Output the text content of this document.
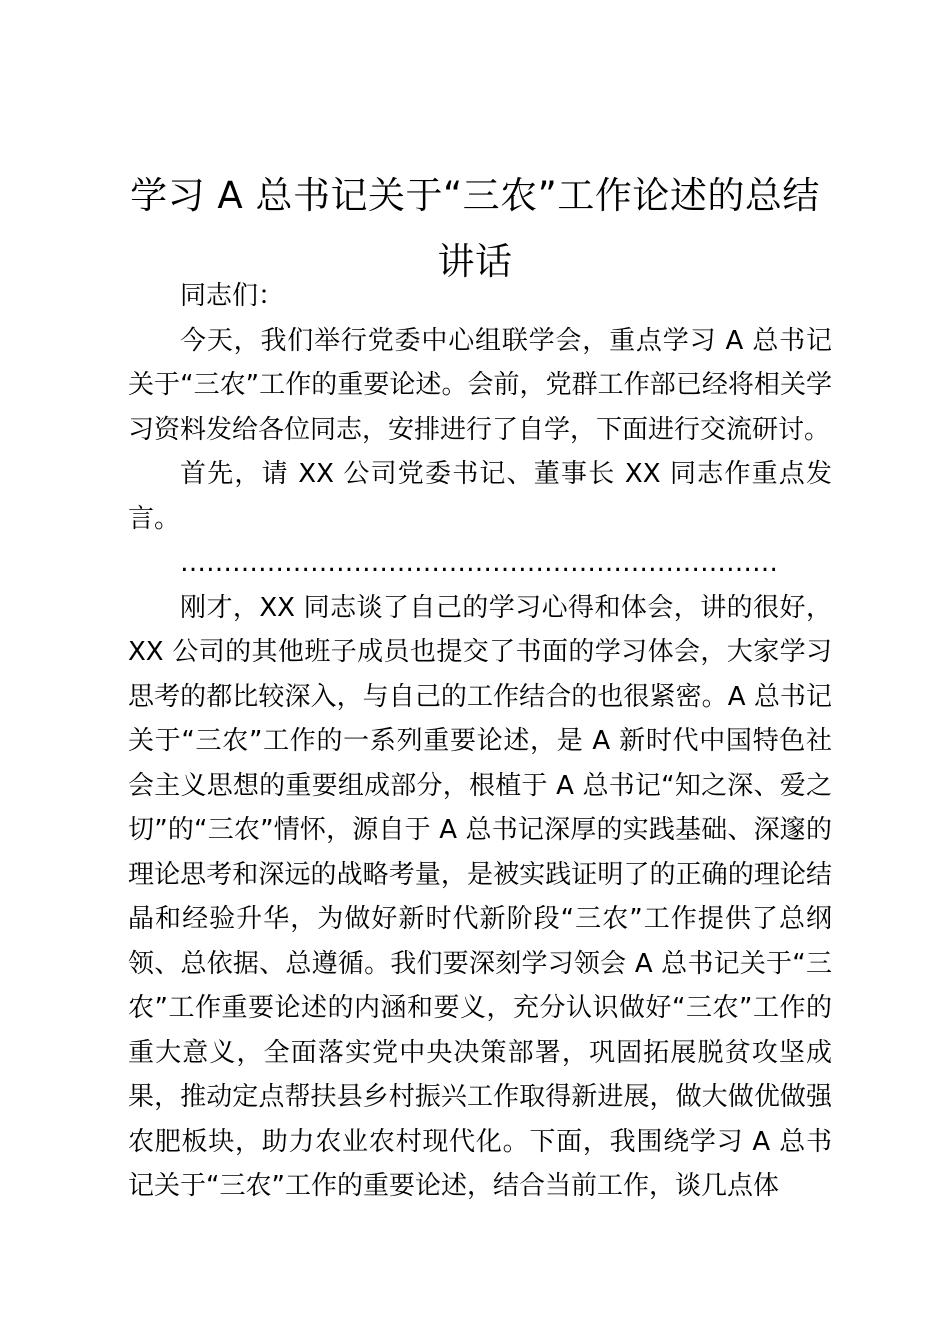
学习 A 总书记关于“三农”工作论述的总结
讲话

同志们：

今天，我们举行党委中心组联学会，重点学习 A 总书记关于“三农”工作的重要论述。会前，党群工作部已经将相关学习资料发给各位同志，安排进行了自学，下面进行交流研讨。

首先，请 XX 公司党委书记、董事长 XX 同志作重点发言。

……………………………………………………………

刚才，XX 同志谈了自己的学习心得和体会，讲的很好，XX 公司的其他班子成员也提交了书面的学习体会，大家学习思考的都比较深入，与自己的工作结合的也很紧密。A 总书记关于“三农”工作的一系列重要论述，是 A 新时代中国特色社会主义思想的重要组成部分，根植于 A 总书记“知之深、爱之切”的“三农”情怀，源自于 A 总书记深厚的实践基础、深邃的理论思考和深远的战略考量，是被实践证明了的正确的理论结晶和经验升华，为做好新时代新阶段“三农”工作提供了总纲领、总依据、总遵循。我们要深刻学习领会 A 总书记关于“三农”工作重要论述的内涵和要义，充分认识做好“三农”工作的重大意义，全面落实党中央决策部署，巩固拓展脱贫攻坚成果，推动定点帮扶县乡村振兴工作取得新进展，做大做优做强农肥板块，助力农业农村现代化。下面，我围绕学习 A 总书记关于“三农”工作的重要论述，结合当前工作，谈几点体
